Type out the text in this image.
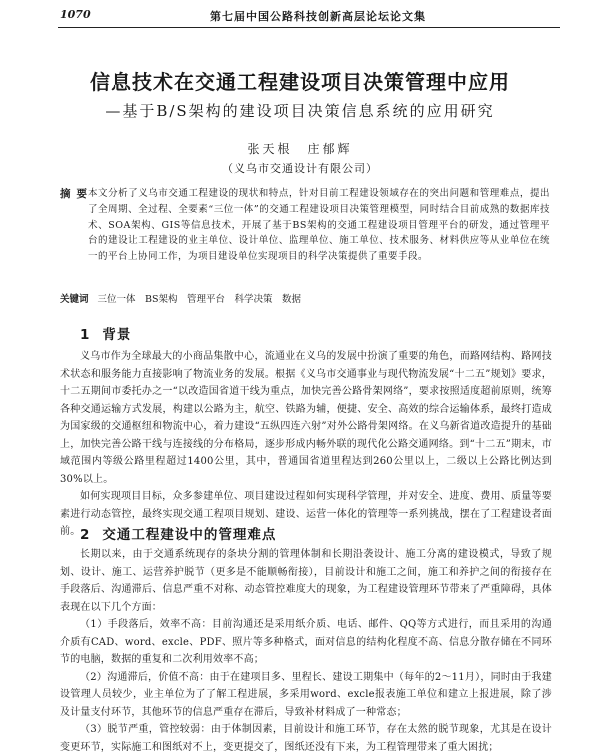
1070	第七届中国公路科技创新高层论坛论文集
信息技术在交通工程建设项目决策管理中应用
—基于B/S架构的建设项目决策信息系统的应用研究
张天根　庄郁辉
（义乌市交通设计有限公司）
摘要
本文分析了义乌市交通工程建设的现状和特点，针对目前工程建设领域存在的突出问题和管理难点，提出了全周期、全过程、全要素“三位一体”的交通工程建设项目决策管理模型，同时结合目前成熟的数据库技术、SOA架构、GIS等信息技术，开展了基于BS架构的交通工程建设项目管理平台的研发，通过管理平台的建设让工程建设的业主单位、设计单位、监理单位、施工单位、技术服务、材料供应等从业单位在统一的平台上协同工作，为项目建设单位实现项目的科学决策提供了重要手段。
关键词 三位一体　BS架构　管理平台　科学决策　数据
1 背景

义乌市作为全球最大的小商品集散中心，流通业在义乌的发展中扮演了重要的角色，而路网结构、路网技术状态和服务能力直接影响了物流业务的发展。根据《义乌市交通事业与现代物流发展“十二五”规划》要求，十二五期间市委托办之一“以改造国省道干线为重点，加快完善公路骨架网络”，要求按照适度超前原则，统筹各种交通运输方式发展，构建以公路为主，航空、铁路为辅，便捷、安全、高效的综合运输体系，最终打造成为国家级的交通枢纽和物流中心，着力建设“五纵四连六射”对外公路骨架网络。在义乌新省道改造提升的基础上，加快完善公路干线与连接线的分布格局，逐步形成内畅外联的现代化公路交通网络。到“十二五”期末，市域范围内等级公路里程超过1400公里，其中，普通国省道里程达到260公里以上，二级以上公路比例达到30%以上。

如何实现项目目标，众多参建单位、项目建设过程如何实现科学管理，并对安全、进度、费用、质量等要素进行动态管控，最终实现交通工程项目规划、建设、运营一体化的管理等一系列挑战，摆在了工程建设者面前。 2 交通工程建设中的管理难点

长期以来，由于交通系统现存的条块分割的管理体制和长期沿袭设计、施工分离的建设模式，导致了规划、设计、施工、运营养护脱节（更多是不能顺畅衔接），目前设计和施工之间，施工和养护之间的衔接存在手段落后、沟通滞后、信息严重不对称、动态管控难度大的现象，为工程建设管理环节带来了严重障碍，具体表现在以下几个方面：

（1）手段落后，效率不高：目前沟通还是采用纸介质、电话、邮件、QQ等方式进行，而且采用的沟通介质有CAD、word、excle、PDF、照片等多种格式，面对信息的结构化程度不高、信息分散存储在不同环节的电脑，数据的重复和二次利用效率不高；

（2）沟通滞后，价值不高：由于在建项目多、里程长、建设工期集中（每年的2～11月），同时由于我建设管理人员较少，业主单位为了了解工程进展，多采用word、excle报表施工单位和建立上报进展，除了涉及计量支付环节，其他环节的信息严重存在滞后，导致补材料成了一种常态；

（3）脱节严重，管控较弱：由于体制因素，目前设计和施工环节，存在太然的脱节现象，尤其是在设计变更环节，实际施工和图纸对不上，变更提交了，图纸还没有下来，为工程管理带来了重大困扰；
